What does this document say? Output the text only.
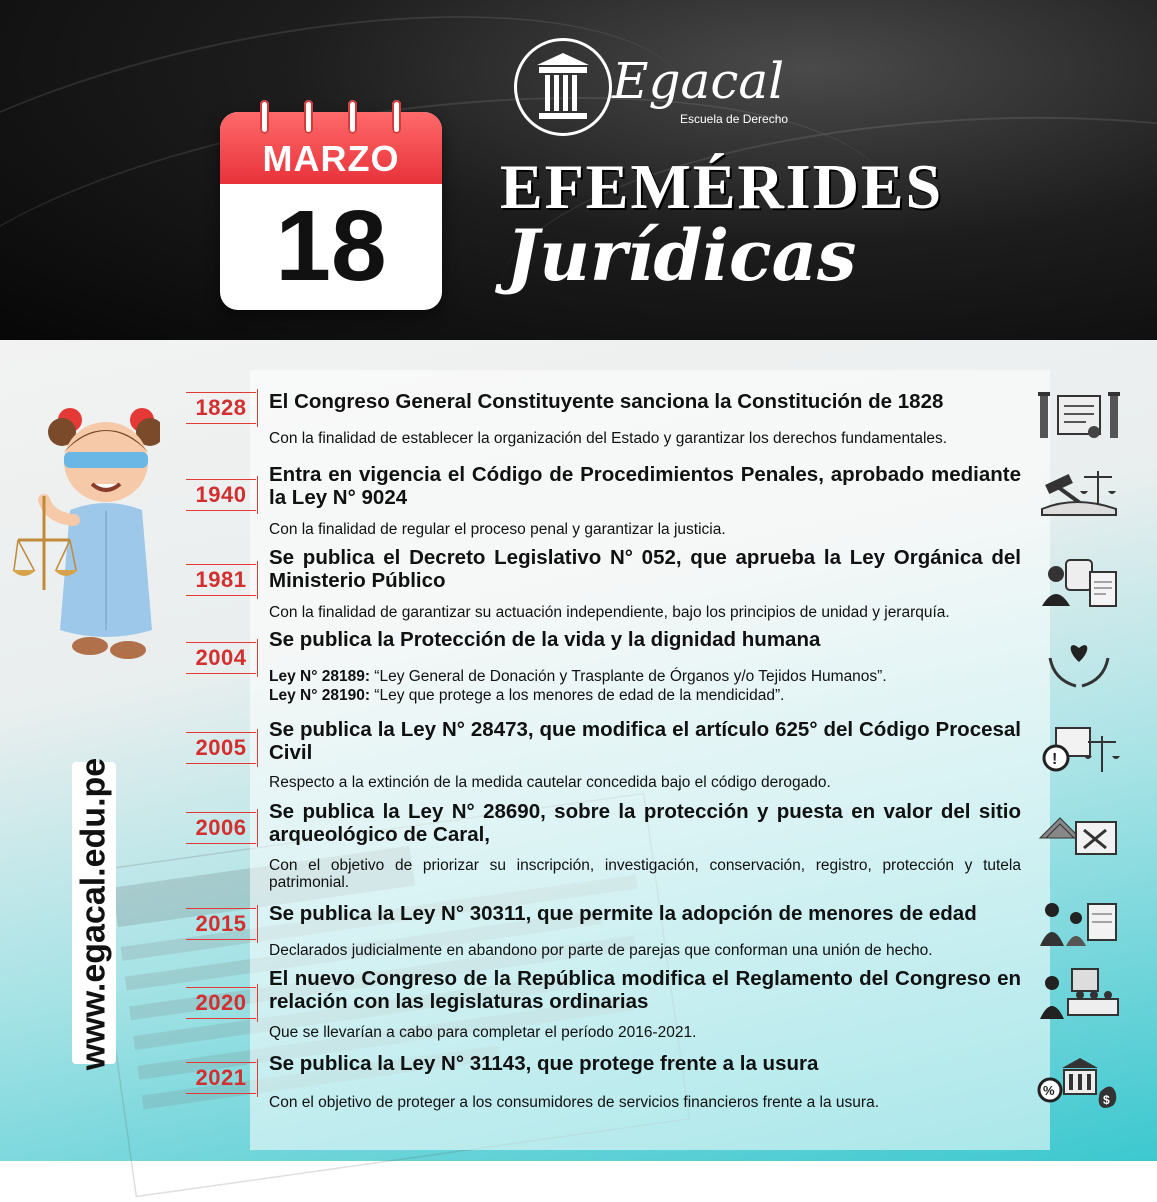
MARZO
18
Egacal
Escuela de Derecho
EFEMÉRIDES
Jurídicas
www.egacal.edu.pe
1828 El Congreso General Constituyente sanciona la Constitución de 1828
Con la finalidad de establecer la organización del Estado y garantizar los derechos fundamentales.
1940
Entra en vigencia el Código de Procedimientos Penales, aprobado mediante la Ley N° 9024
Con la finalidad de regular el proceso penal y garantizar la justicia.
1981
Se publica el Decreto Legislativo N° 052, que aprueba la Ley Orgánica del Ministerio Público
Con la finalidad de garantizar su actuación independiente, bajo los principios de unidad y jerarquía.
2004
Se publica la Protección de la vida y la dignidad humana
Ley N° 28189: “Ley General de Donación y Trasplante de Órganos y/o Tejidos Humanos”.
Ley N° 28190: “Ley que protege a los menores de edad de la mendicidad”.
2005
Se publica la Ley N° 28473, que modifica el artículo 625° del Código Procesal Civil
Respecto a la extinción de la medida cautelar concedida bajo el código derogado.
!
2006
Se publica la Ley N° 28690, sobre la protección y puesta en valor del sitio arqueológico de Caral,
Con el objetivo de priorizar su inscripción, investigación, conservación, registro, protección y tutela patrimonial.
2015 Se publica la Ley N° 30311, que permite la adopción de menores de edad
Declarados judicialmente en abandono por parte de parejas que conforman una unión de hecho.
2020
El nuevo Congreso de la República modifica el Reglamento del Congreso en relación con las legislaturas ordinarias
Que se llevarían a cabo para completar el período 2016-2021.
2021
Se publica la Ley N° 31143, que protege frente a la usura
Con el objetivo de proteger a los consumidores de servicios financieros frente a la usura.
%
$
